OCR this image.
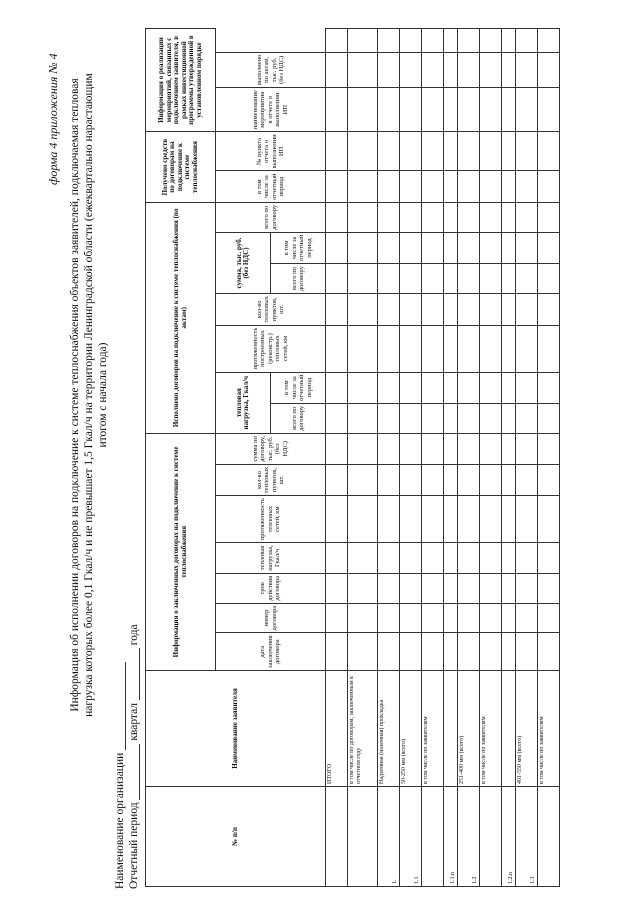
форма 4 приложения № 4 Информация об исполнении договоров на подключение к системе теплоснабжения объектов заявителей, подключаемая тепловая нагрузка которых более 0,1 Гкал/ч и не превышает 1,5 Гкал/ч на территории Ленинградской области (ежеквартально нарастающим итогом с начала года)
Наименование организации Отчетный период  квартал  года
№ п/п	Наименование заявителя	Информация о заключенных договорах на подключение к системе теплоснабжения							Исполнено договоров на подключение к системе теплоснабжения (по актам)							Получено средств по договорам на подключение к системе теплоснабжения		Информация о реализации мероприятий, связанных с подключением заявителя, в рамках инвестиционной программы утвержденной в установленном порядке		
		дата заключения договора	номер договора	срок действия договора	тепловая нагрузка, Гкал/ч	протяженность тепловых сетей, км	кол-во тепловых пунктов, шт.	сумма по договору, тыс. руб. (без НДС)	тепловая нагрузка, Гкал/ч		протяженность построенных (реконстр.) тепловых сетей, км	кол-во тепловых пунктов, шт.	сумма, тыс. руб. (без НДС)		всего по договору	в том числе за отчетный период	№ пункта отчета о выполнении ИП	наименование мероприятия в отчете о выполнении ИП	выполнено по актам, тыс. руб. (без НДС)	
									всего по договору	в том числе за отчетный период			всего по договору	в том числе за отчетный период						
	ИТОГО																			
	в том числе по договорам, заключенным в отчетном году																			
1.	Надземная (наземная) прокладка																			
1.1	50-250 мм (всего)																			
	в том числе по заявителям																			
1.1.n																				
1.2	251-400 мм (всего)																			
	в том числе по заявителям																			
1.2.n																				
1.3	401-550 мм (всего)																			
	в том числе по заявителям																			
